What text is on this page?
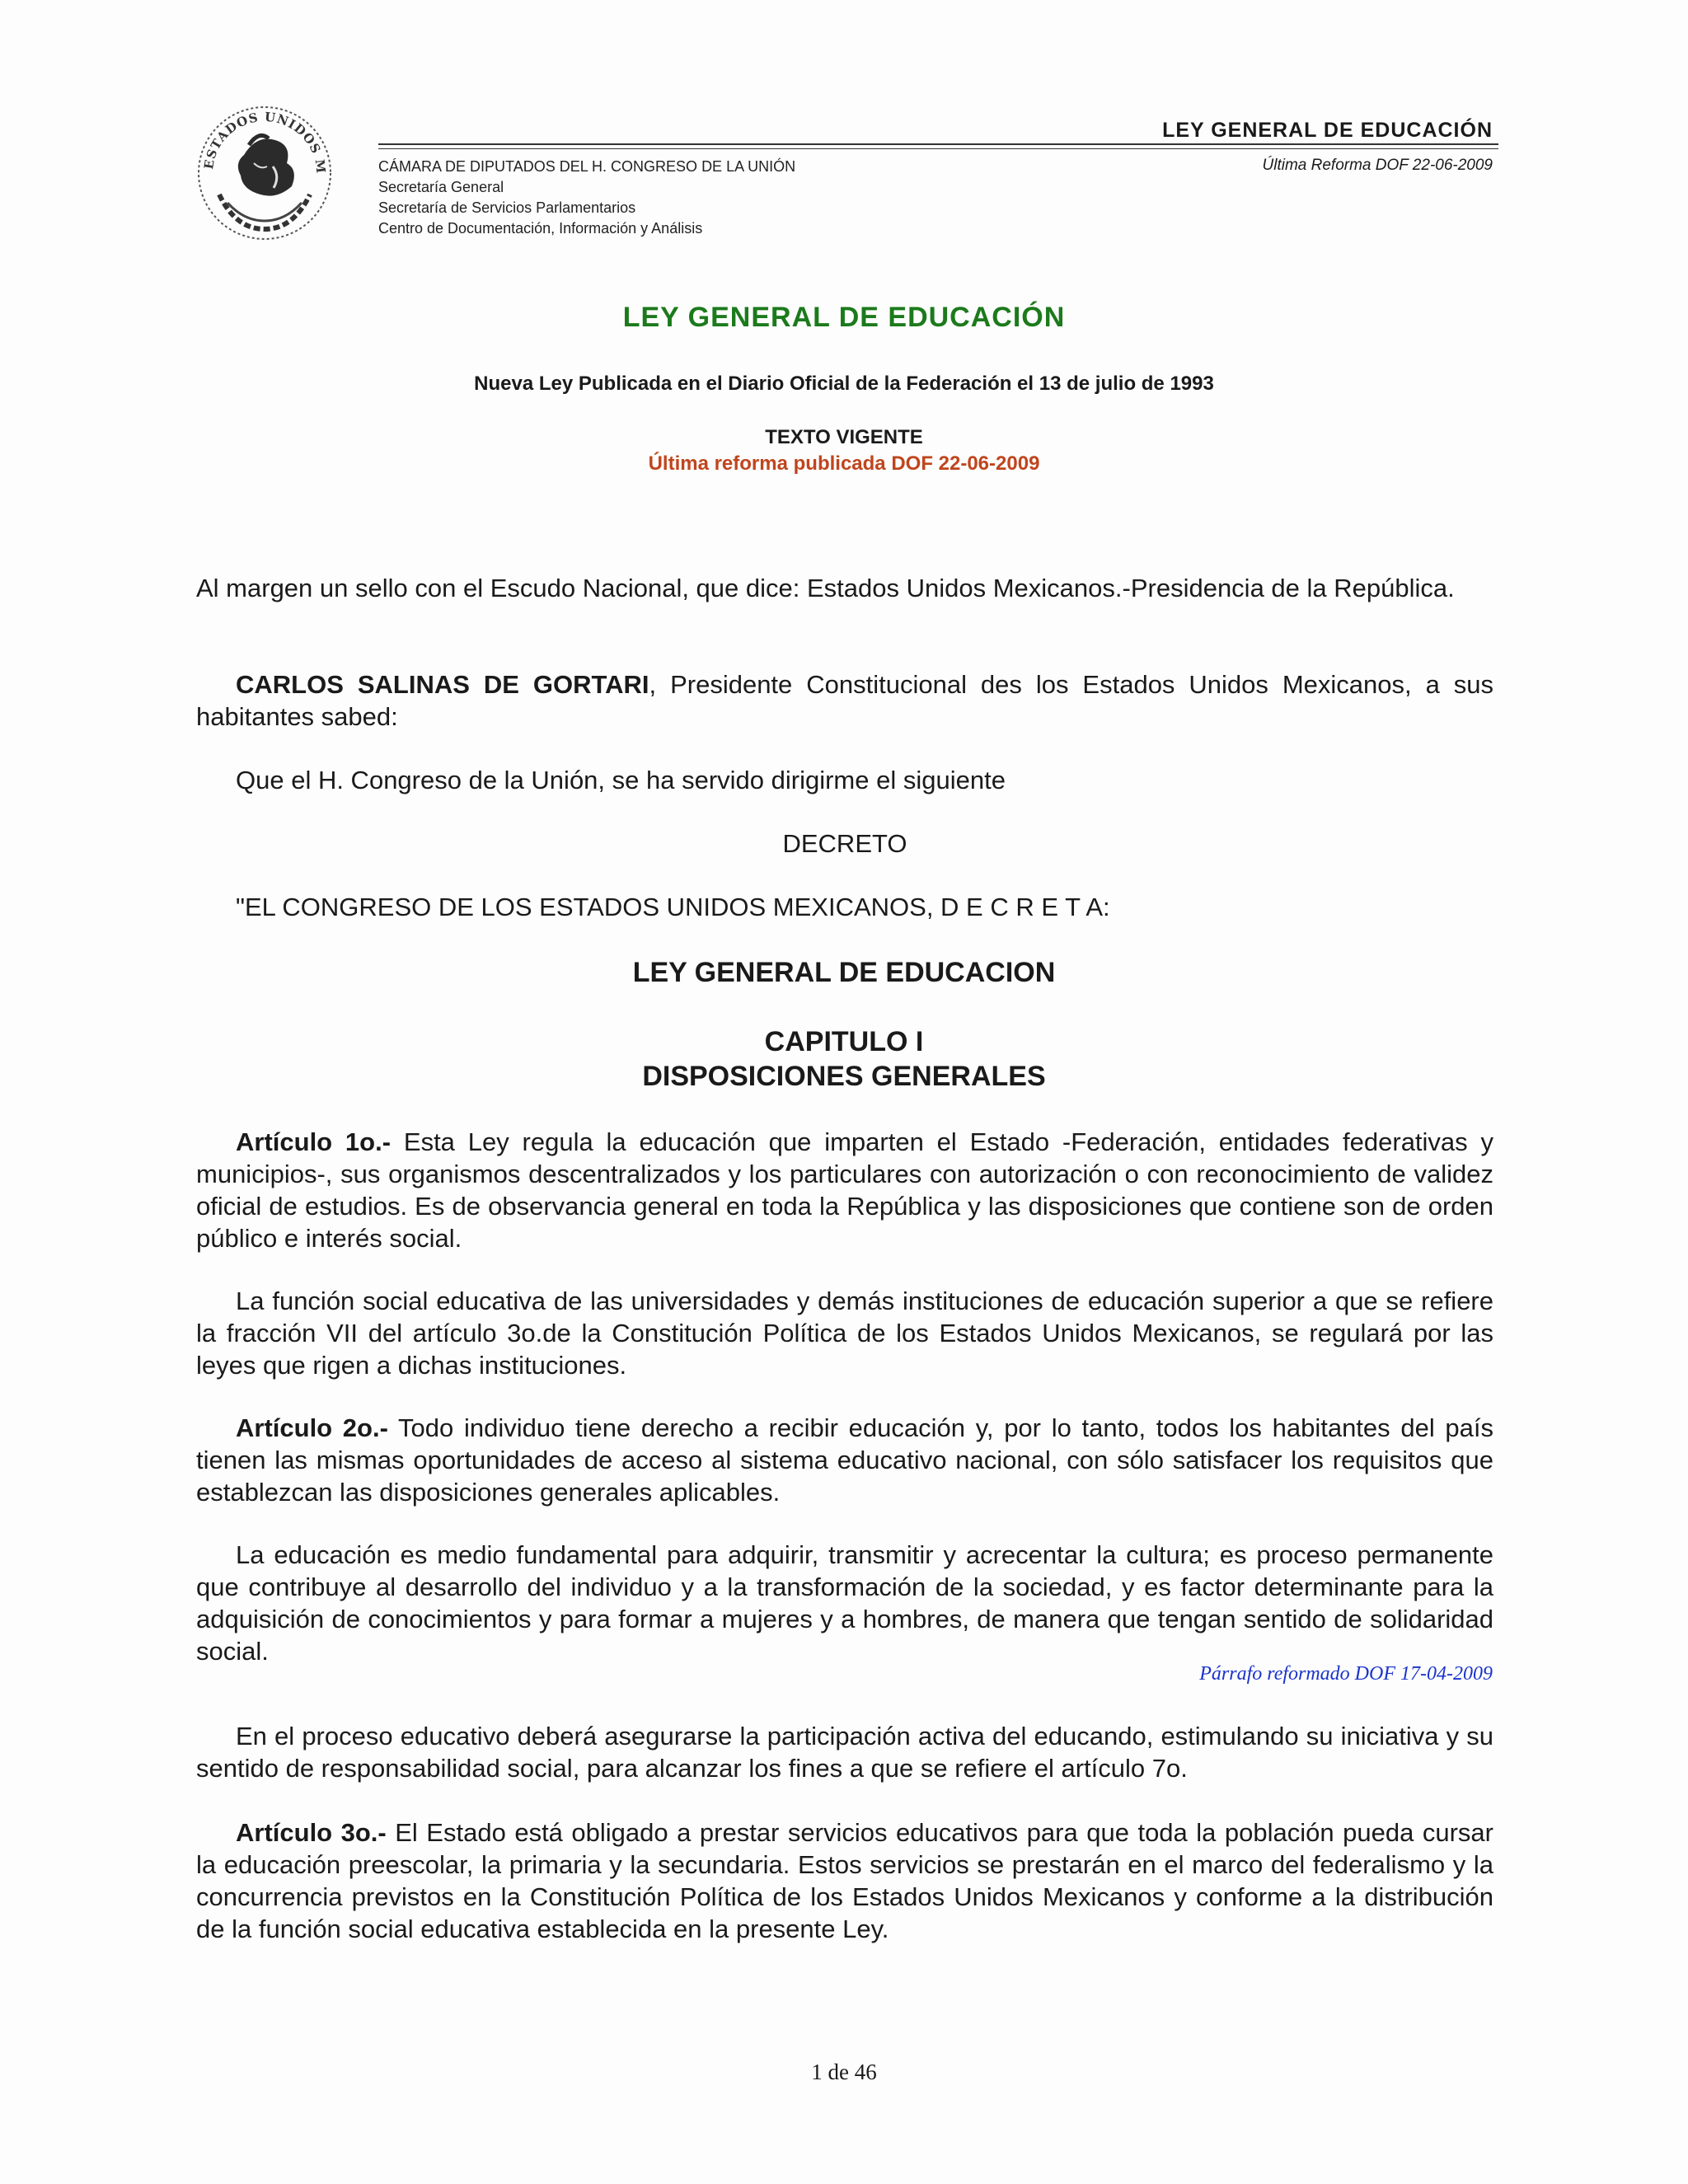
ESTADOS UNIDOS M
LEY GENERAL DE EDUCACIÓN
CÁMARA DE DIPUTADOS DEL H. CONGRESO DE LA UNIÓN
Secretaría General
Secretaría de Servicios Parlamentarios
Centro de Documentación, Información y Análisis
Última Reforma DOF 22-06-2009
LEY GENERAL DE EDUCACIÓN
Nueva Ley Publicada en el Diario Oficial de la Federación el 13 de julio de 1993
TEXTO VIGENTE
Última reforma publicada DOF 22-06-2009

Al margen un sello con el Escudo Nacional, que dice: Estados Unidos Mexicanos.-Presidencia de la República.

CARLOS SALINAS DE GORTARI, Presidente Constitucional des los Estados Unidos Mexicanos, a sus habitantes sabed:

Que el H. Congreso de la Unión, se ha servido dirigirme el siguiente

DECRETO

"EL CONGRESO DE LOS ESTADOS UNIDOS MEXICANOS, D E C R E T A:

LEY GENERAL DE EDUCACION
CAPITULO I
DISPOSICIONES GENERALES

Artículo 1o.- Esta Ley regula la educación que imparten el Estado -Federación, entidades federativas y municipios-, sus organismos descentralizados y los particulares con autorización o con reconocimiento de validez oficial de estudios. Es de observancia general en toda la República y las disposiciones que contiene son de orden público e interés social.

La función social educativa de las universidades y demás instituciones de educación superior a que se refiere la fracción VII del artículo 3o.de la Constitución Política de los Estados Unidos Mexicanos, se regulará por las leyes que rigen a dichas instituciones.

Artículo 2o.- Todo individuo tiene derecho a recibir educación y, por lo tanto, todos los habitantes del país tienen las mismas oportunidades de acceso al sistema educativo nacional, con sólo satisfacer los requisitos que establezcan las disposiciones generales aplicables.

La educación es medio fundamental para adquirir, transmitir y acrecentar la cultura; es proceso permanente que contribuye al desarrollo del individuo y a la transformación de la sociedad, y es factor determinante para la adquisición de conocimientos y para formar a mujeres y a hombres, de manera que tengan sentido de solidaridad social.

Párrafo reformado DOF 17-04-2009

En el proceso educativo deberá asegurarse la participación activa del educando, estimulando su iniciativa y su sentido de responsabilidad social, para alcanzar los fines a que se refiere el artículo 7o.

Artículo 3o.- El Estado está obligado a prestar servicios educativos para que toda la población pueda cursar la educación preescolar, la primaria y la secundaria. Estos servicios se prestarán en el marco del federalismo y la concurrencia previstos en la Constitución Política de los Estados Unidos Mexicanos y conforme a la distribución de la función social educativa establecida en la presente Ley.

1 de 46
